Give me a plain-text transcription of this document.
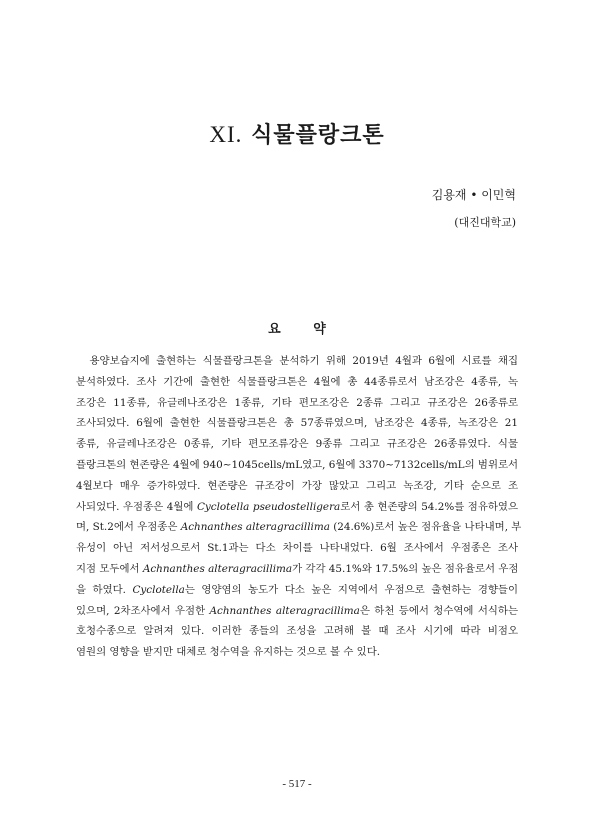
XI. 식물플랑크톤
김용재 • 이민혁
(대진대학교)
요 약
　용양보습지에 출현하는 식물플랑크톤을 분석하기 위해 2019년 4월과 6월에 시료를 채집
분석하였다. 조사 기간에 출현한 식물플랑크톤은 4월에 총 44종류로서 남조강은 4종류, 녹
조강은 11종류, 유글레나조강은 1종류, 기타 편모조강은 2종류 그리고 규조강은 26종류로
조사되었다. 6월에 출현한 식물플랑크톤은 총 57종류였으며, 남조강은 4종류, 녹조강은 21
종류, 유글레나조강은 0종류, 기타 편모조류강은 9종류 그리고 규조강은 26종류였다. 식물
플랑크톤의 현존량은 4월에 940∼1045cells/mL였고, 6월에 3370∼7132cells/mL의 범위로서
4월보다 매우 증가하였다. 현존량은 규조강이 가장 많았고 그리고 녹조강, 기타 순으로 조
사되었다. 우점종은 4월에 Cyclotella pseudostelligera로서 총 현존량의 54.2%를 점유하였으
며, St.2에서 우점종은 Achnanthes alteragracillima (24.6%)로서 높은 점유율을 나타내며, 부
유성이 아닌 저서성으로서 St.1과는 다소 차이를 나타내었다. 6월 조사에서 우점종은 조사
지점 모두에서 Achnanthes alteragracillima가 각각 45.1%와 17.5%의 높은 점유율로서 우점
을 하였다. Cyclotella는 영양염의 농도가 다소 높은 지역에서 우점으로 출현하는 경향들이
있으며, 2차조사에서 우점한 Achnanthes alteragracillima은 하천 등에서 청수역에 서식하는
호청수종으로 알려져 있다. 이러한 종들의 조성을 고려해 볼 때 조사 시기에 따라 비점오
염원의 영향을 받지만 대체로 청수역을 유지하는 것으로 볼 수 있다.
- 517 -
